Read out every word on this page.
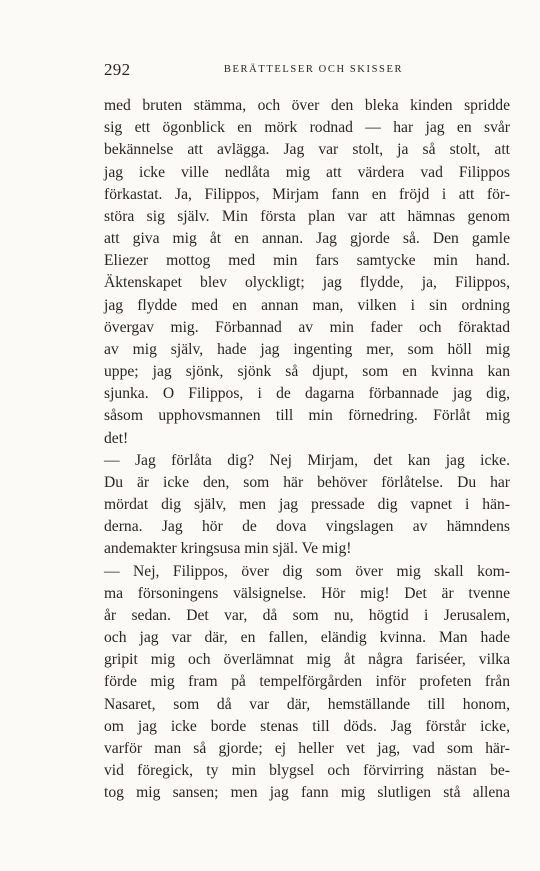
292	BERÄTTELSER OCH SKISSER
med bruten stämma, och över den bleka kinden spridde
sig ett ögonblick en mörk rodnad — har jag en svår
bekännelse att avlägga. Jag var stolt, ja så stolt, att
jag icke ville nedlåta mig att värdera vad Filippos
förkastat. Ja, Filippos, Mirjam fann en fröjd i att för-
störa sig själv. Min första plan var att hämnas genom
att giva mig åt en annan. Jag gjorde så. Den gamle
Eliezer mottog med min fars samtycke min hand.
Äktenskapet blev olyckligt; jag flydde, ja, Filippos,
jag flydde med en annan man, vilken i sin ordning
övergav mig. Förbannad av min fader och föraktad
av mig själv, hade jag ingenting mer, som höll mig
uppe; jag sjönk, sjönk så djupt, som en kvinna kan
sjunka. O Filippos, i de dagarna förbannade jag dig,
såsom upphovsmannen till min förnedring. Förlåt mig
det!
— Jag förlåta dig? Nej Mirjam, det kan jag icke.
Du är icke den, som här behöver förlåtelse. Du har
mördat dig själv, men jag pressade dig vapnet i hän-
derna. Jag hör de dova vingslagen av hämndens
andemakter kringsusa min själ. Ve mig!
— Nej, Filippos, över dig som över mig skall kom-
ma försoningens välsignelse. Hör mig! Det är tvenne
år sedan. Det var, då som nu, högtid i Jerusalem,
och jag var där, en fallen, eländig kvinna. Man hade
gripit mig och överlämnat mig åt några fariséer, vilka
förde mig fram på tempelförgården inför profeten från
Nasaret, som då var där, hemställande till honom,
om jag icke borde stenas till döds. Jag förstår icke,
varför man så gjorde; ej heller vet jag, vad som här-
vid föregick, ty min blygsel och förvirring nästan be-
tog mig sansen; men jag fann mig slutligen stå allena
